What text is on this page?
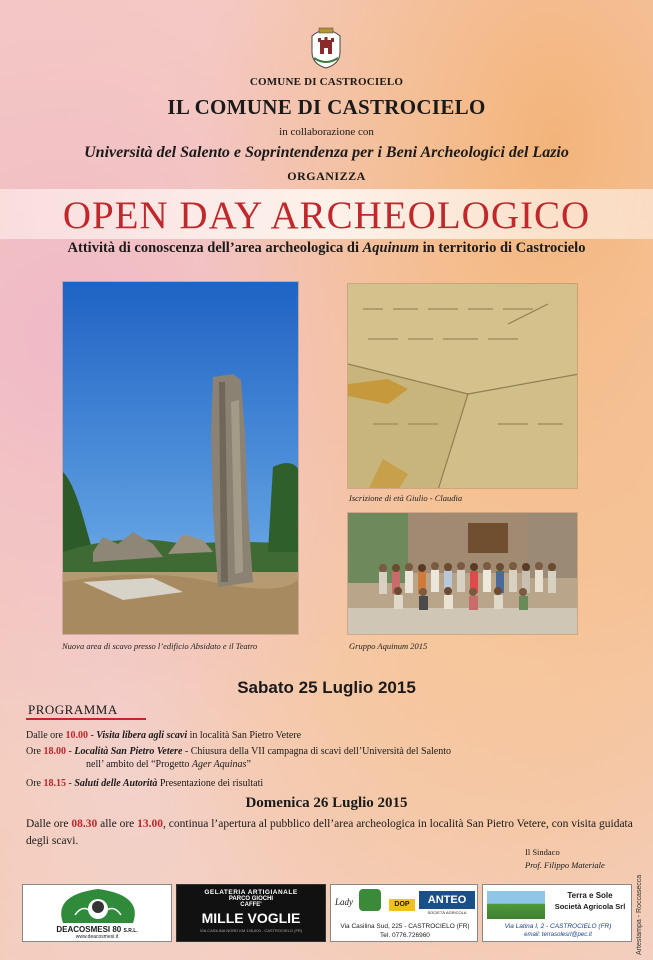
COMUNE DI CASTROCIELO
IL COMUNE DI CASTROCIELO
in collaborazione con
Università del Salento e Soprintendenza per i Beni Archeologici del Lazio
ORGANIZZA
OPEN DAY ARCHEOLOGICO
Attività di conoscenza dell’area archeologica di Aquinum in territorio di Castrocielo
Nuova area di scavo presso l’edificio Absidato e il Teatro
Iscrizione di età Giulio - Claudia
Gruppo Aquinum 2015
Sabato 25 Luglio 2015
PROGRAMMA
Dalle ore 10.00 - Visita libera agli scavi in località San Pietro Vetere
Ore 18.00 - Località San Pietro Vetere - Chiusura della VII campagna di scavi dell’Università del Salento
nell’ ambito del “Progetto Ager Aquinas”
Ore 18.15 - Saluti delle Autorità Presentazione dei risultati
Domenica 26 Luglio 2015
Dalle ore 08.30 alle ore 13.00, continua l’apertura al pubblico dell’area archeologica in località San Pietro Vetere, con visita guidata degli scavi.
Il Sindaco
Prof. Filippo Materiale
DEACOSMESI 80 S.R.L.
www.deacosmesi.it
GELATERIA ARTIGIANALE
PARCO GIOCHI
CAFFE'
MILLE VOGLIE
VIA CASILINA NORD KM 135,600 - CASTROCIELO (FR)
Lady	DOP	ANTEO
SOCIETÀ AGRICOLA
Via Casilina Sud, 225 - CASTROCIELO (FR)
Tel. 0776.726960
Terra e Sole
Società Agricola Srl
Via Latina I, 2 - CASTROCIELO (FR)
email: terrasolesrl@pec.it	Artestampa - Roccasecca
